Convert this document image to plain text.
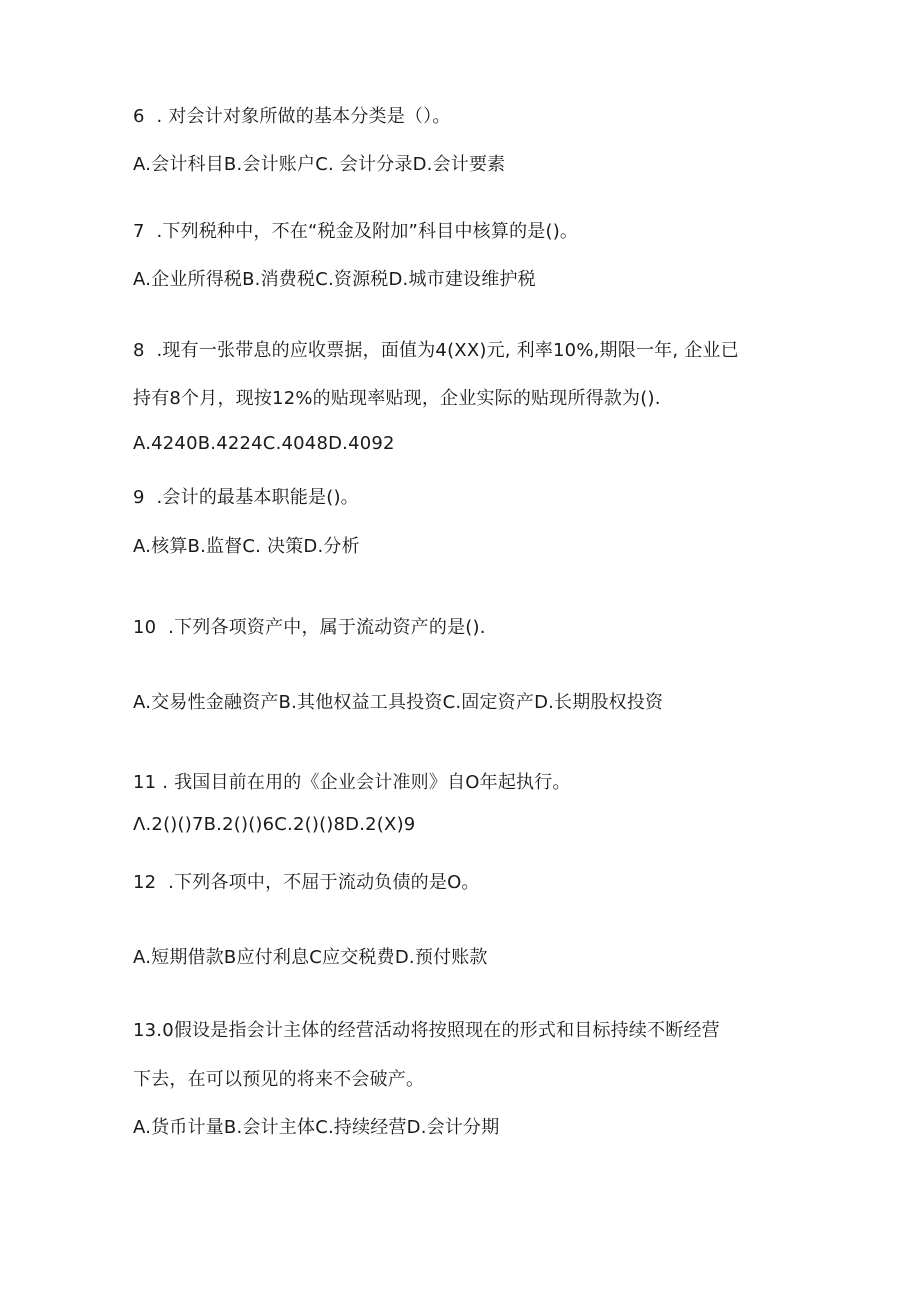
6  . 对会计对象所做的基本分类是（）。
A.会计科目B.会计账户C. 会计分录D.会计要素
7  .下列税种中，不在“税金及附加”科目中核算的是()。
A.企业所得税B.消费税C.资源税D.城市建设维护税
8  .现有一张带息的应收票据，面值为4(XX)元, 利率10%,期限一年, 企业已
持有8个月，现按12%的贴现率贴现，企业实际的贴现所得款为().
A.4240B.4224C.4048D.4092
9  .会计的最基本职能是()。
A.核算B.监督C. 决策D.分析
10  .下列各项资产中，属于流动资产的是().
A.交易性金融资产B.其他权益工具投资C.固定资产D.长期股权投资
11 . 我国目前在用的《企业会计准则》自O年起执行。
Λ.2()()7B.2()()6C.2()()8D.2(X)9
12  .下列各项中，不屈于流动负债的是O。
A.短期借款B应付利息C应交税费D.预付账款
13.0假设是指会计主体的经营活动将按照现在的形式和目标持续不断经营
下去，在可以预见的将来不会破产。
A.货币计量B.会计主体C.持续经营D.会计分期
